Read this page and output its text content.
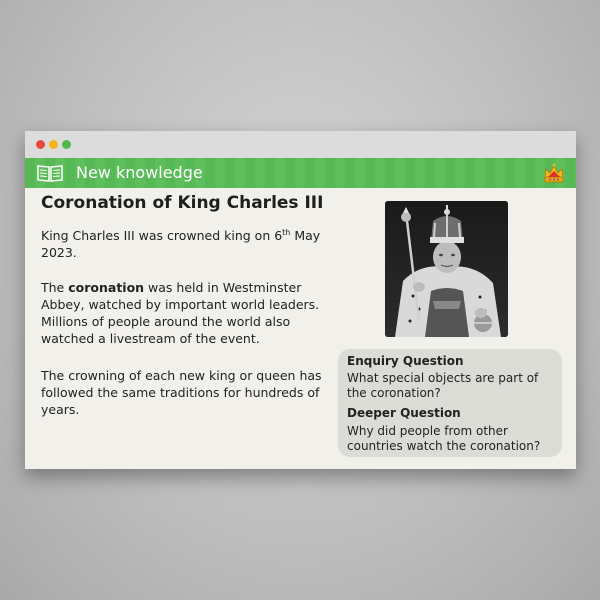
New knowledge
Coronation of King Charles III
King Charles III was crowned king on 6th May 2023.
The coronation was held in Westminster Abbey, watched by important world leaders. Millions of people around the world also watched a livestream of the event.
The crowning of each new king or queen has followed the same traditions for hundreds of years.
Enquiry Question
What special objects are part of the coronation?
Deeper Question
Why did people from other countries watch the coronation?
